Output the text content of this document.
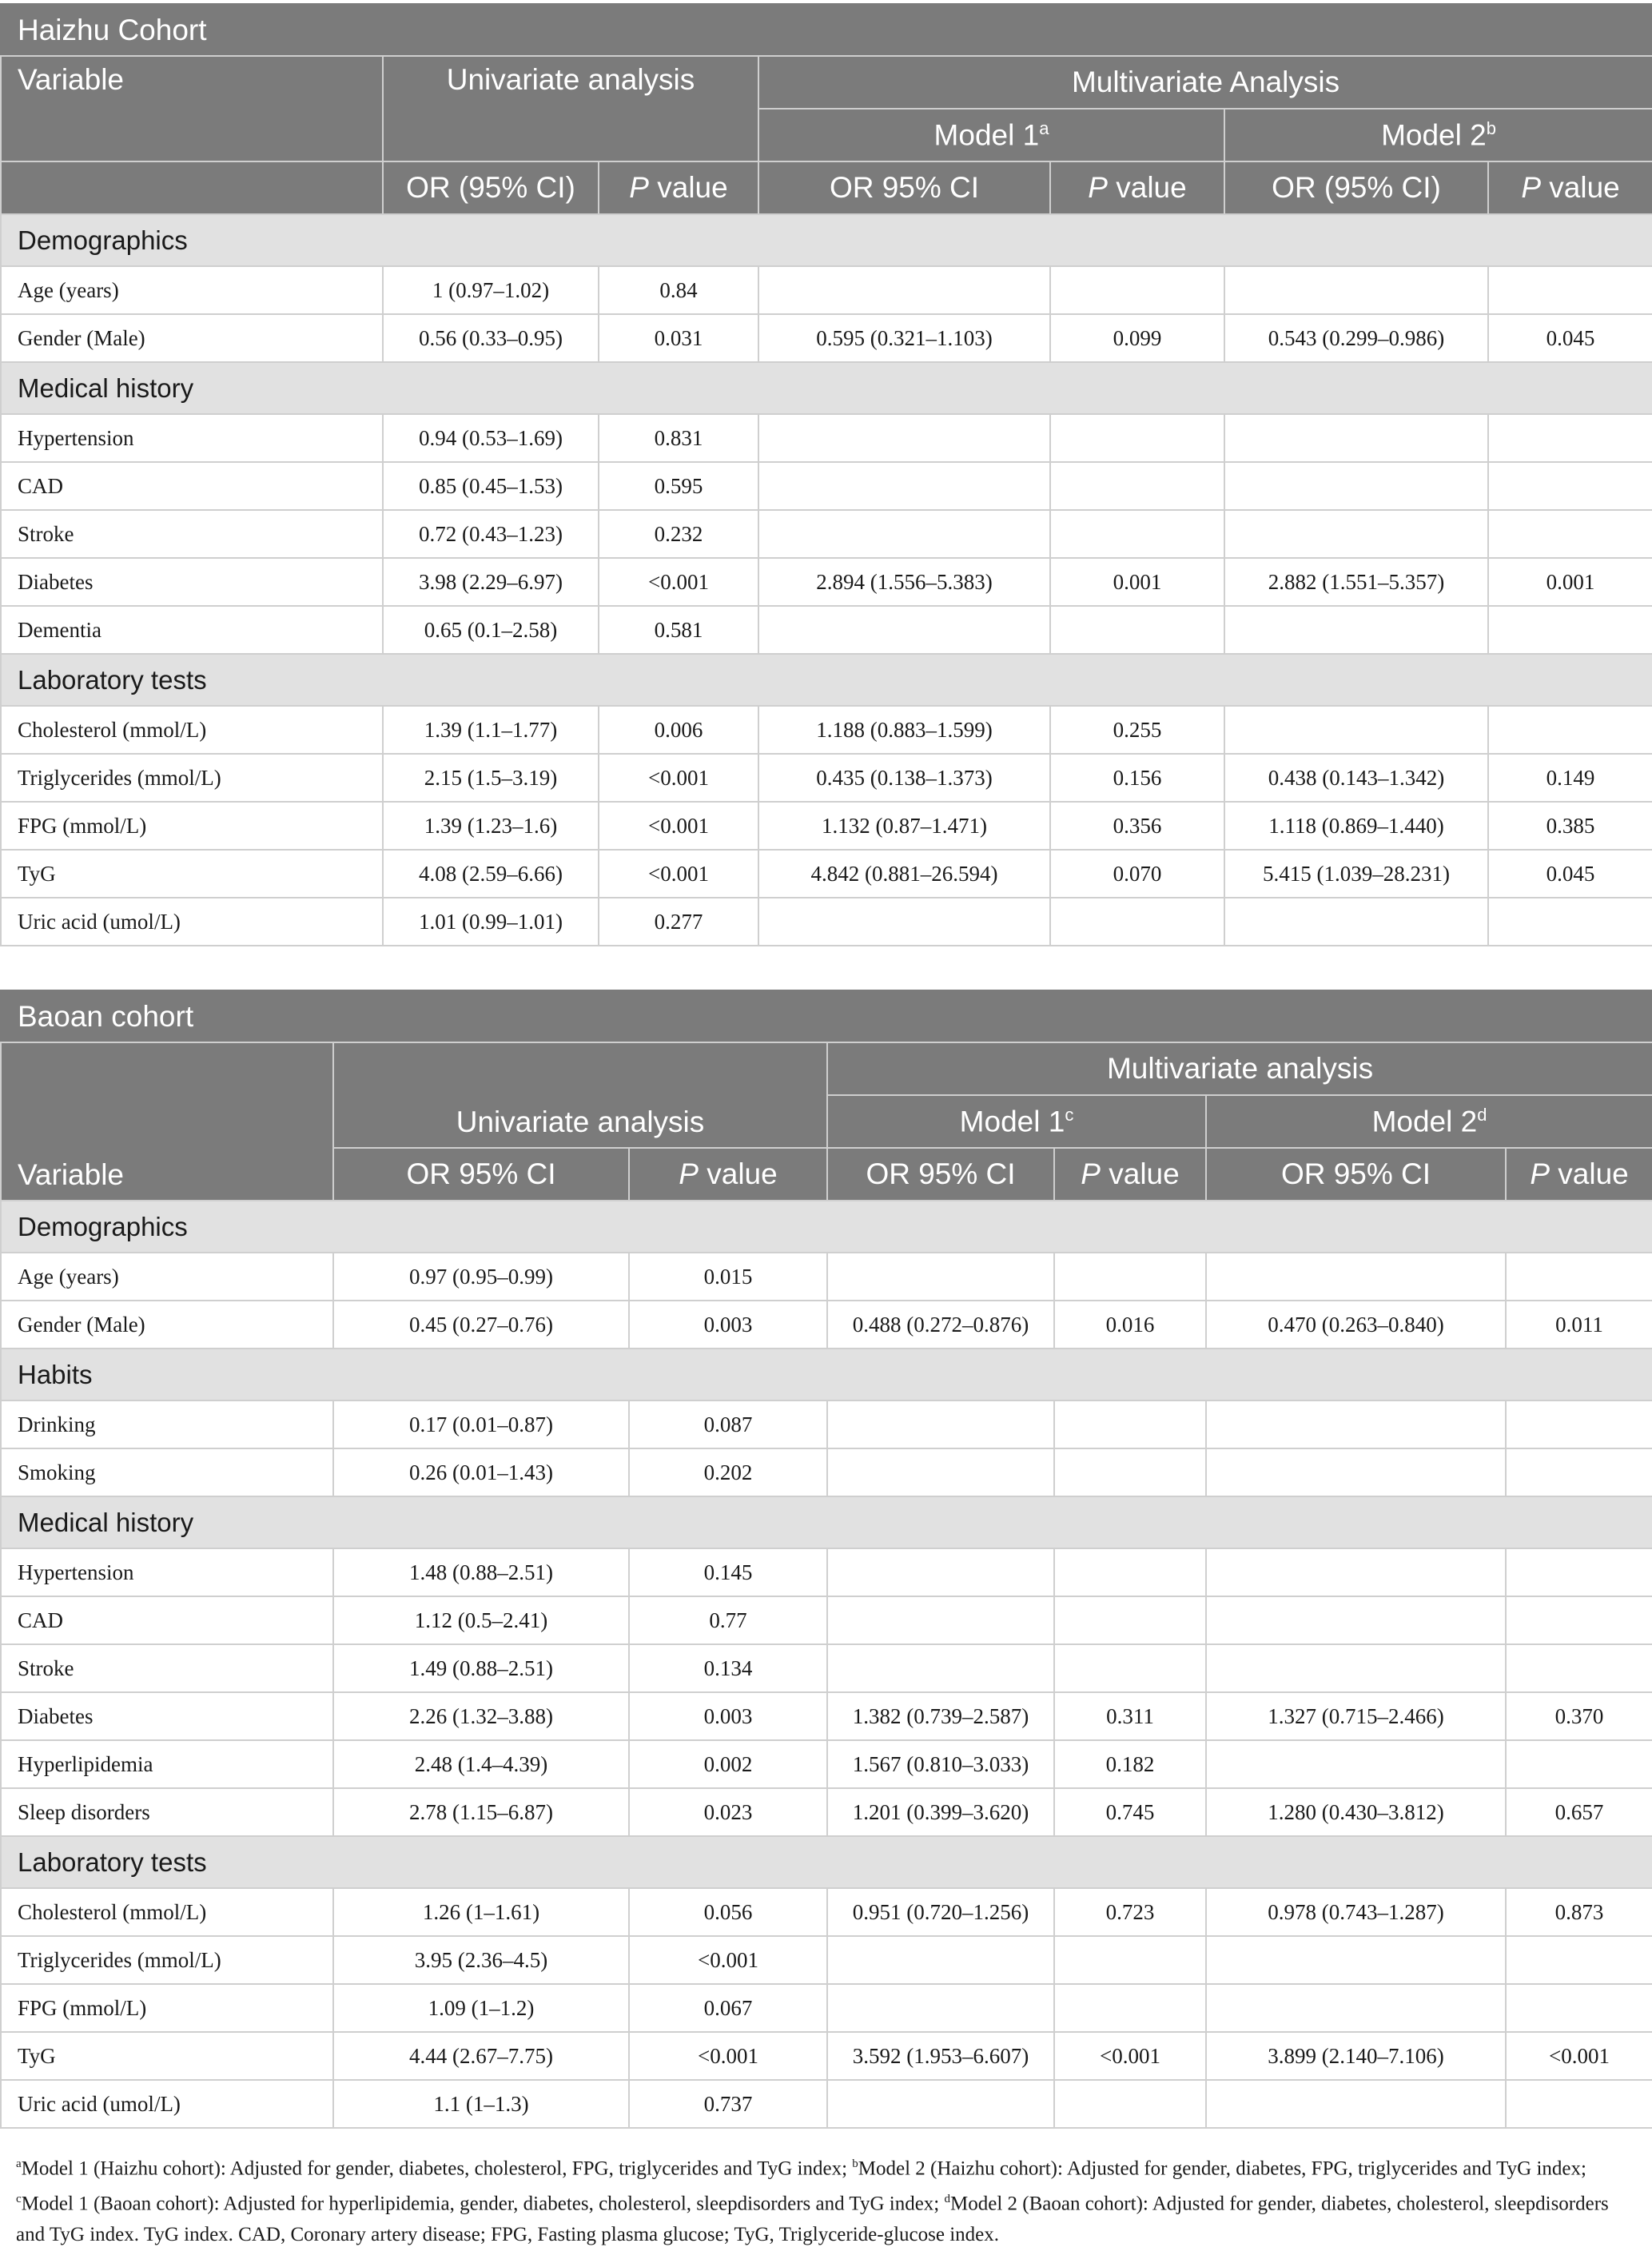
Haizhu Cohort						
Variable	Univariate analysis		Multivariate Analysis			
			Model 1$^a$		Model 2$^b$
	OR (95% CI)	P value	OR 95% CI	P value	OR (95% CI)	P value
Demographics						
Age (years)	1 (0.97–1.02)	0.84				
Gender (Male)	0.56 (0.33–0.95)	0.031	0.595 (0.321–1.103)	0.099	0.543 (0.299–0.986)	0.045
Medical history						
Hypertension	0.94 (0.53–1.69)	0.831				
CAD	0.85 (0.45–1.53)	0.595				
Stroke	0.72 (0.43–1.23)	0.232				
Diabetes	3.98 (2.29–6.97)	<0.001	2.894 (1.556–5.383)	0.001	2.882 (1.551–5.357)	0.001
Dementia	0.65 (0.1–2.58)	0.581				
Laboratory tests						
Cholesterol (mmol/L)	1.39 (1.1–1.77)	0.006	1.188 (0.883–1.599)	0.255		
Triglycerides (mmol/L)	2.15 (1.5–3.19)	<0.001	0.435 (0.138–1.373)	0.156	0.438 (0.143–1.342)	0.149
FPG (mmol/L)	1.39 (1.23–1.6)	<0.001	1.132 (0.87–1.471)	0.356	1.118 (0.869–1.440)	0.385
TyG	4.08 (2.59–6.66)	<0.001	4.842 (0.881–26.594)	0.070	5.415 (1.039–28.231)	0.045
Uric acid (umol/L)	1.01 (0.99–1.01)	0.277				
Baoan cohort						
Variable	Univariate analysis		Multivariate analysis			
			Model 1$^c$		Model 2$^d$
	OR 95% CI	P value	OR 95% CI	P value	OR 95% CI	P value
Demographics						
Age (years)	0.97 (0.95–0.99)	0.015				
Gender (Male)	0.45 (0.27–0.76)	0.003	0.488 (0.272–0.876)	0.016	0.470 (0.263–0.840)	0.011
Habits						
Drinking	0.17 (0.01–0.87)	0.087				
Smoking	0.26 (0.01–1.43)	0.202				
Medical history						
Hypertension	1.48 (0.88–2.51)	0.145				
CAD	1.12 (0.5–2.41)	0.77				
Stroke	1.49 (0.88–2.51)	0.134				
Diabetes	2.26 (1.32–3.88)	0.003	1.382 (0.739–2.587)	0.311	1.327 (0.715–2.466)	0.370
Hyperlipidemia	2.48 (1.4–4.39)	0.002	1.567 (0.810–3.033)	0.182		
Sleep disorders	2.78 (1.15–6.87)	0.023	1.201 (0.399–3.620)	0.745	1.280 (0.430–3.812)	0.657
Laboratory tests						
Cholesterol (mmol/L)	1.26 (1–1.61)	0.056	0.951 (0.720–1.256)	0.723	0.978 (0.743–1.287)	0.873
Triglycerides (mmol/L)	3.95 (2.36–4.5)	<0.001				
FPG (mmol/L)	1.09 (1–1.2)	0.067				
TyG	4.44 (2.67–7.75)	<0.001	3.592 (1.953–6.607)	<0.001	3.899 (2.140–7.106)	<0.001
Uric acid (umol/L)	1.1 (1–1.3)	0.737				
$^a$Model 1 (Haizhu cohort): Adjusted for gender, diabetes, cholesterol, FPG, triglycerides and TyG index; $^b$Model 2 (Haizhu cohort): Adjusted for gender, diabetes, FPG, triglycerides and TyG index; $^c$Model 1 (Baoan cohort): Adjusted for hyperlipidemia, gender, diabetes, cholesterol, sleepdisorders and TyG index; $^d$Model 2 (Baoan cohort): Adjusted for gender, diabetes, cholesterol, sleepdisorders and TyG index. TyG index. CAD, Coronary artery disease; FPG, Fasting plasma glucose; TyG, Triglyceride-glucose index.
